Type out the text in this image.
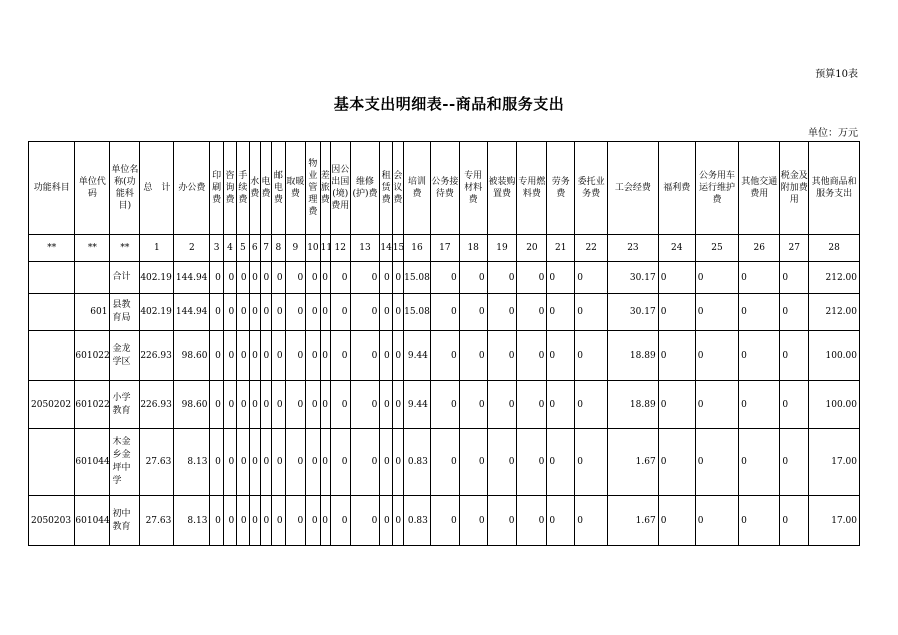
预算10表
基本支出明细表--商品和服务支出
单位：万元
功能科目	单位代码	单位名称(功能科目)	总　计	办公费	印刷费	咨询费	手续费	水费	电费	邮电费	取暖费	物业管理费	差旅费	因公出国(境)费用	维修(护)费	租赁费	会议费	培训费	公务接待费	专用材料费	被装购置费	专用燃料费	劳务费	委托业务费	工会经费	福利费	公务用车运行维护费	其他交通费用	税金及附加费用	其他商品和服务支出
**	**	**	1	2	3	4	5	6	7	8	9	10	11	12	13	14	15	16	17	18	19	20	21	22	23	24	25	26	27	28
		合计	402.19	144.94	0	0	0	0	0	0	0	0	0	0	0	0	0	15.08	0	0	0	0	0	0	30.17	0	0	0	0	212.00
	601	县教育局	402.19	144.94	0	0	0	0	0	0	0	0	0	0	0	0	0	15.08	0	0	0	0	0	0	30.17	0	0	0	0	212.00
	601022	金龙学区	226.93	98.60	0	0	0	0	0	0	0	0	0	0	0	0	0	9.44	0	0	0	0	0	0	18.89	0	0	0	0	100.00
2050202	601022	小学教育	226.93	98.60	0	0	0	0	0	0	0	0	0	0	0	0	0	9.44	0	0	0	0	0	0	18.89	0	0	0	0	100.00
	601044	木金乡金坪中学	27.63	8.13	0	0	0	0	0	0	0	0	0	0	0	0	0	0.83	0	0	0	0	0	0	1.67	0	0	0	0	17.00
2050203	601044	初中教育	27.63	8.13	0	0	0	0	0	0	0	0	0	0	0	0	0	0.83	0	0	0	0	0	0	1.67	0	0	0	0	17.00
